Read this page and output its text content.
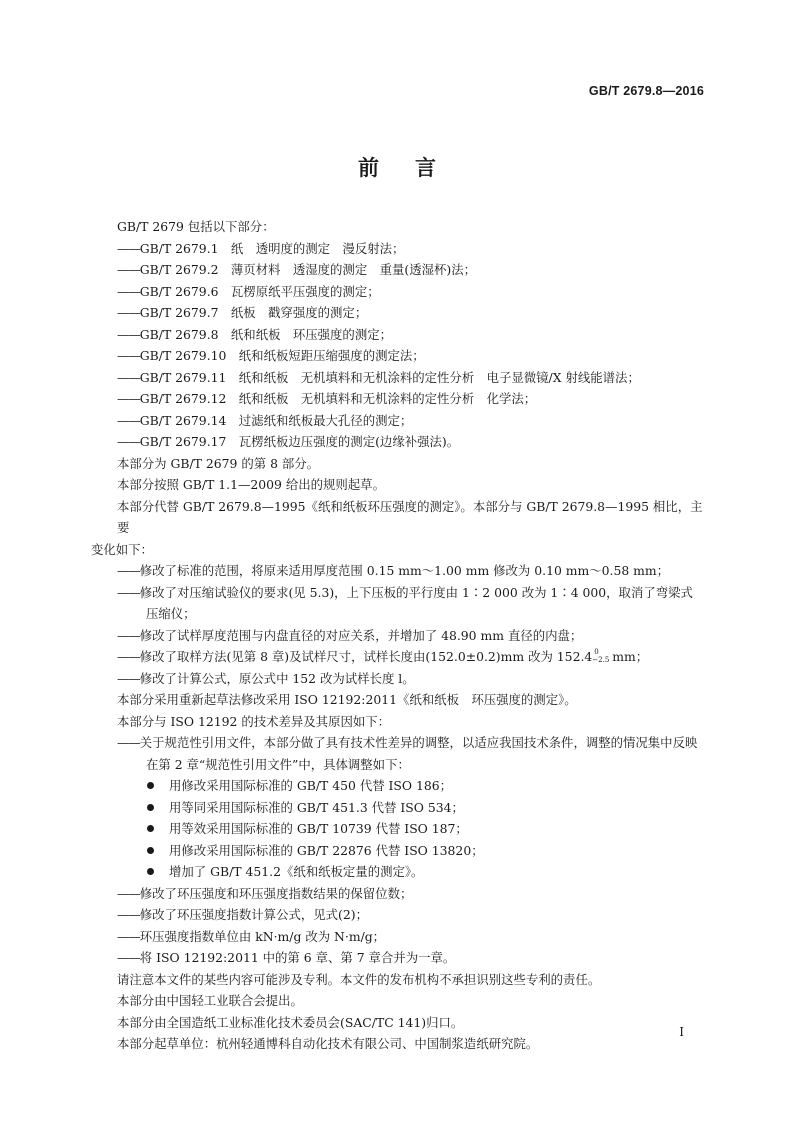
GB/T 2679.8—2016
前言

GB/T 2679 包括以下部分：

—— GB/T 2679.1　纸　透明度的测定　漫反射法；

—— GB/T 2679.2　薄页材料　透湿度的测定　重量(透湿杯)法；

—— GB/T 2679.6　瓦楞原纸平压强度的测定；

—— GB/T 2679.7　纸板　戳穿强度的测定；

—— GB/T 2679.8　纸和纸板　环压强度的测定；

—— GB/T 2679.10　纸和纸板短距压缩强度的测定法；

—— GB/T 2679.11　纸和纸板　无机填料和无机涂料的定性分析　电子显微镜/X 射线能谱法；

—— GB/T 2679.12　纸和纸板　无机填料和无机涂料的定性分析　化学法；

—— GB/T 2679.14　过滤纸和纸板最大孔径的测定；

—— GB/T 2679.17　瓦楞纸板边压强度的测定(边缘补强法)。

本部分为 GB/T 2679 的第 8 部分。

本部分按照 GB/T 1.1—2009 给出的规则起草。

本部分代替 GB/T 2679.8—1995《纸和纸板环压强度的测定》。本部分与 GB/T 2679.8—1995 相比，主要

变化如下：

—— 修改了标准的范围，将原来适用厚度范围 0.15 mm～1.00 mm 修改为 0.10 mm～0.58 mm；

—— 修改了对压缩试验仪的要求(见 5.3)，上下压板的平行度由 1∶2 000 改为 1∶4 000，取消了弯梁式压缩仪；

—— 修改了试样厚度范围与内盘直径的对应关系，并增加了 48.90 mm 直径的内盘；

—— 修改了取样方法(见第 8 章)及试样尺寸，试样长度由(152.0±0.2)mm 改为 152.4 0
−2.5 mm；

—— 修改了计算公式，原公式中 152 改为试样长度 l。

本部分采用重新起草法修改采用 ISO 12192:2011《纸和纸板　环压强度的测定》。

本部分与 ISO 12192 的技术差异及其原因如下：

—— 关于规范性引用文件，本部分做了具有技术性差异的调整，以适应我国技术条件，调整的情况集中反映在第 2 章“规范性引用文件”中，具体调整如下：

用修改采用国际标准的 GB/T 450 代替 ISO 186；

用等同采用国际标准的 GB/T 451.3 代替 ISO 534；

用等效采用国际标准的 GB/T 10739 代替 ISO 187；

用修改采用国际标准的 GB/T 22876 代替 ISO 13820；

增加了 GB/T 451.2《纸和纸板定量的测定》。

—— 修改了环压强度和环压强度指数结果的保留位数；

—— 修改了环压强度指数计算公式，见式(2)；

—— 环压强度指数单位由 kN·m/g 改为 N·m/g；

—— 将 ISO 12192:2011 中的第 6 章、第 7 章合并为一章。

请注意本文件的某些内容可能涉及专利。本文件的发布机构不承担识别这些专利的责任。

本部分由中国轻工业联合会提出。

本部分由全国造纸工业标准化技术委员会(SAC/TC 141)归口。

本部分起草单位：杭州轻通博科自动化技术有限公司、中国制浆造纸研究院。

I
